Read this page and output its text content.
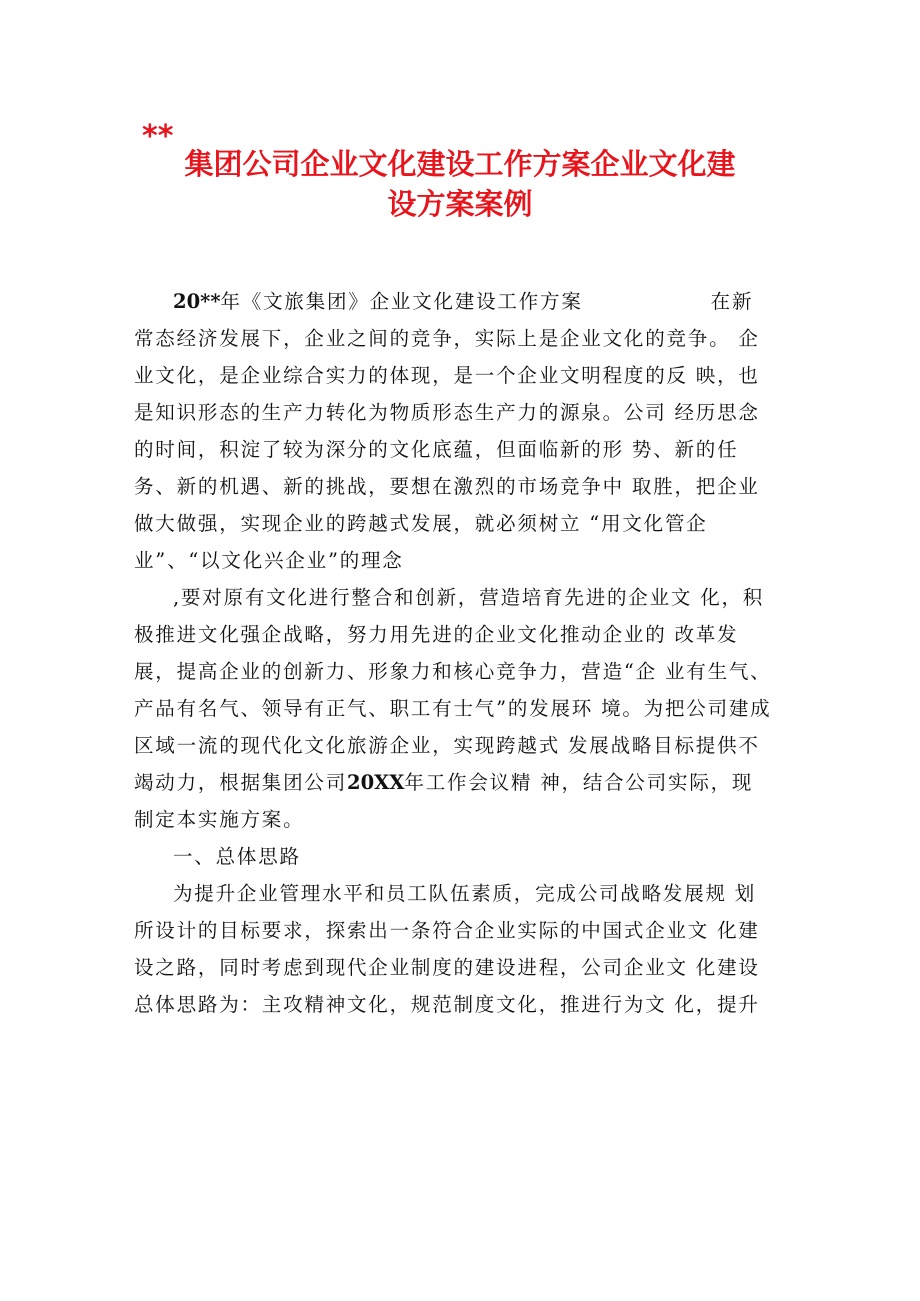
**
集团公司企业文化建设工作方案企业文化建
设方案案例

20**年《文旅集团》企业文化建设工作方案	在新常态经济发展下，企业之间的竞争，实际上是企业文化的竞争。 企业文化，是企业综合实力的体现，是一个企业文明程度的反 映，也是知识形态的生产力转化为物质形态生产力的源泉。公司 经历思念的时间，积淀了较为深分的文化底蕴，但面临新的形 势、新的任务、新的机遇、新的挑战，要想在激烈的市场竞争中 取胜，把企业做大做强，实现企业的跨越式发展，就必须树立 “用文化管企业”、“以文化兴企业”的理念

,要对原有文化进行整合和创新，营造培育先进的企业文 化，积极推进文化强企战略，努力用先进的企业文化推动企业的 改革发展，提高企业的创新力、形象力和核心竞争力，营造“企 业有生气、产品有名气、领导有正气、职工有士气”的发展环 境。为把公司建成区域一流的现代化文化旅游企业，实现跨越式 发展战略目标提供不竭动力，根据集团公司20XX年工作会议精 神，结合公司实际，现制定本实施方案。

一、总体思路

为提升企业管理水平和员工队伍素质，完成公司战略发展规 划所设计的目标要求，探索出一条符合企业实际的中国式企业文 化建设之路，同时考虑到现代企业制度的建设进程，公司企业文 化建设总体思路为：主攻精神文化，规范制度文化，推进行为文 化，提升
